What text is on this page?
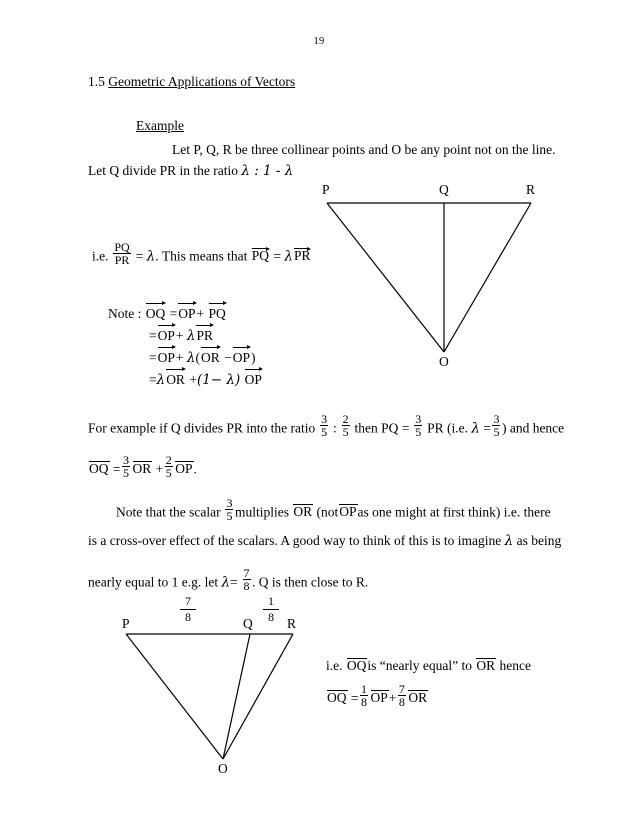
19
1.5 Geometric Applications of Vectors
Example
Let P, Q, R be three collinear points and O be any point not on the line.
Let Q divide PR in the ratio λ : 1 - λ
i.e. $\frac{PQ}{PR} = \lambda$. This means that PQ = λ
PR
Note : OQ =
OP+ PQ
=
OP+ λ
PR
=
OP+ λ(
OR −
OP)
=λ
OR +(1− λ) OP
For example if Q divides PR into the ratio $\frac{3}{5}$ : $\frac{2}{5}$ then PQ = $\frac{3}{5}$ PR (i.e. $\lambda = \frac{3}{5}$ ) and hence
OQ = $\frac{3}{5}$ OR + $\frac{2}{5}$ OP.
Note that the scalar $\frac{3}{5}$ multiplies OR (not
OPas one might at first think) i.e. there
is a cross-over effect of the scalars. A good way to think of this is to imagine λ as being
nearly equal to 1 e.g. let $\lambda= \frac{7}{8}$ . Q is then close to R.
P	Q	R
O
P	Q	R
O
$\frac{7}{8}$	$\frac{1}{8}$
i.e. OQis “nearly equal” to OR hence
OQ = $\frac{1}{8} OP+ \frac{7}{8}$ OR
